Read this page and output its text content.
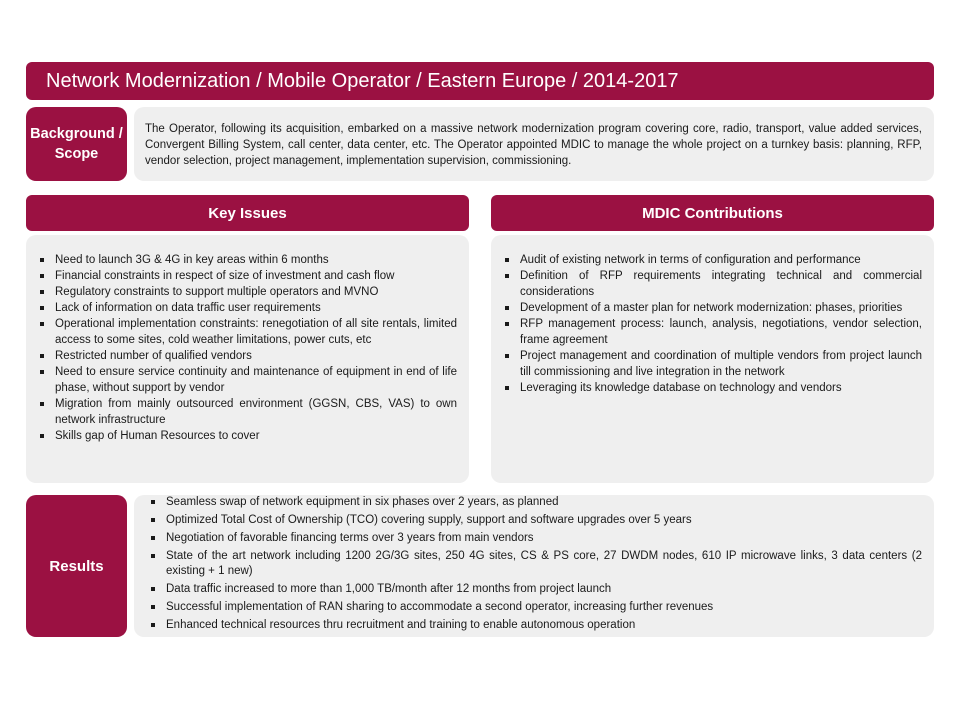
Network Modernization / Mobile Operator / Eastern Europe / 2014-2017
Background / Scope
The Operator, following its acquisition, embarked on a massive network modernization program covering core, radio, transport, value added services, Convergent Billing System, call center, data center, etc. The Operator appointed MDIC to manage the whole project on a turnkey basis: planning, RFP, vendor selection, project management, implementation supervision, commissioning.
Key Issues	MDIC Contributions
Need to launch 3G & 4G in key areas within 6 months
Financial constraints in respect of size of investment and cash flow
Regulatory constraints to support multiple operators and MVNO
Lack of information on data traffic user requirements
Operational implementation constraints: renegotiation of all site rentals, limited access to some sites, cold weather limitations, power cuts, etc
Restricted number of qualified vendors
Need to ensure service continuity and maintenance of equipment in end of life phase, without support by vendor
Migration from mainly outsourced environment (GGSN, CBS, VAS) to own network infrastructure
Skills gap of Human Resources to cover
Audit of existing network in terms of configuration and performance
Definition of RFP requirements integrating technical and commercial considerations
Development of a master plan for network modernization: phases, priorities
RFP management process: launch, analysis, negotiations, vendor selection, frame agreement
Project management and coordination of multiple vendors from project launch till commissioning and live integration in the network
Leveraging its knowledge database on technology and vendors
Results
Seamless swap of network equipment in six phases over 2 years, as planned
Optimized Total Cost of Ownership (TCO) covering supply, support and software upgrades over 5 years
Negotiation of favorable financing terms over 3 years from main vendors
State of the art network including 1200 2G/3G sites, 250 4G sites, CS & PS core, 27 DWDM nodes, 610 IP microwave links, 3 data centers (2 existing + 1 new)
Data traffic increased to more than 1,000 TB/month after 12 months from project launch
Successful implementation of RAN sharing to accommodate a second operator, increasing further revenues
Enhanced technical resources thru recruitment and training to enable autonomous operation
